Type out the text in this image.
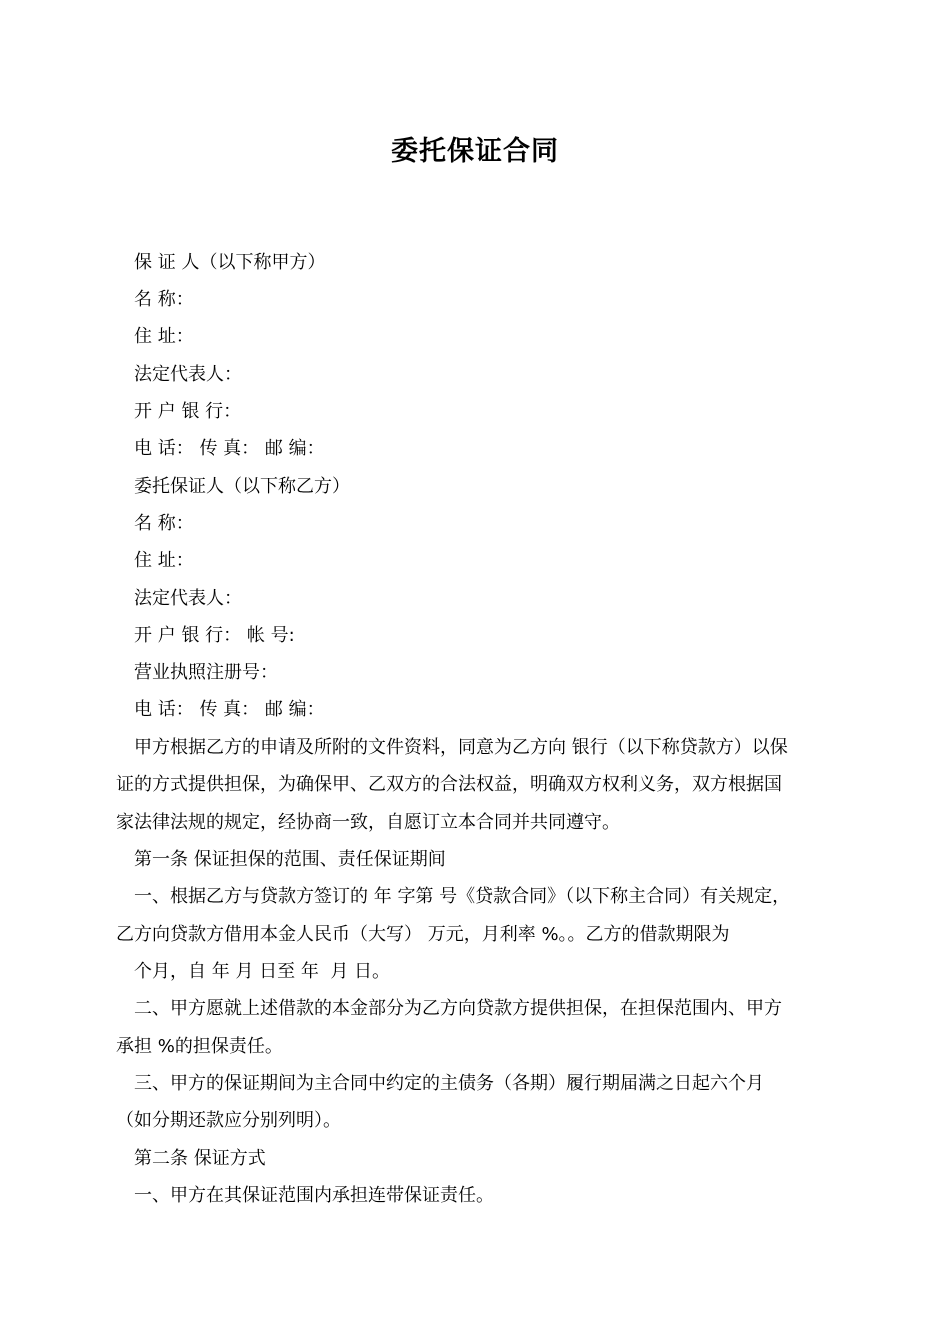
委托保证合同
保 证 人（以下称甲方）
名 称：
住 址：
法定代表人：
开 户 银 行：
电 话： 传 真： 邮 编：
委托保证人（以下称乙方）
名 称：
住 址：
法定代表人：
开 户 银 行： 帐 号:
营业执照注册号：
电 话： 传 真： 邮 编：
甲方根据乙方的申请及所附的文件资料，同意为乙方向 银行（以下称贷款方）以保
证的方式提供担保，为确保甲、乙双方的合法权益，明确双方权利义务，双方根据国
家法律法规的规定，经协商一致，自愿订立本合同并共同遵守。
第一条 保证担保的范围、责任保证期间
一、根据乙方与贷款方签订的 年 字第 号《贷款合同》（以下称主合同）有关规定，
乙方向贷款方借用本金人民币（大写） 万元，月利率 %。。乙方的借款期限为
个月，自 年 月 日至 年  月 日。
二、甲方愿就上述借款的本金部分为乙方向贷款方提供担保，在担保范围内、甲方
承担 %的担保责任。
三、甲方的保证期间为主合同中约定的主债务（各期）履行期届满之日起六个月
（如分期还款应分别列明）。
第二条 保证方式
一、甲方在其保证范围内承担连带保证责任。
